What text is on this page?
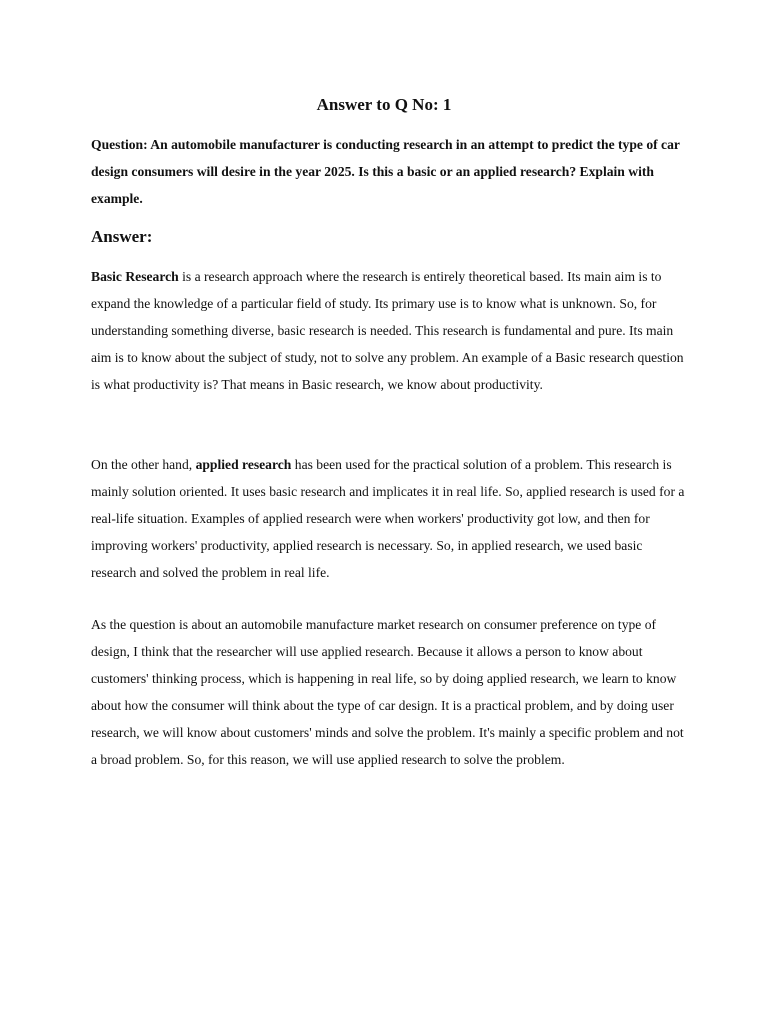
Answer to Q No: 1

Question: An automobile manufacturer is conducting research in an attempt to predict the type of car design consumers will desire in the year 2025. Is this a basic or an applied research? Explain with example.

Answer:

Basic Research is a research approach where the research is entirely theoretical based. Its main aim is to expand the knowledge of a particular field of study. Its primary use is to know what is unknown. So, for understanding something diverse, basic research is needed. This research is fundamental and pure. Its main aim is to know about the subject of study, not to solve any problem. An example of a Basic research question is what productivity is? That means in Basic research, we know about productivity.

On the other hand, applied research has been used for the practical solution of a problem. This research is mainly solution oriented. It uses basic research and implicates it in real life. So, applied research is used for a real-life situation. Examples of applied research were when workers' productivity got low, and then for improving workers' productivity, applied research is necessary. So, in applied research, we used basic research and solved the problem in real life.

As the question is about an automobile manufacture market research on consumer preference on type of design, I think that the researcher will use applied research. Because it allows a person to know about customers' thinking process, which is happening in real life, so by doing applied research, we learn to know about how the consumer will think about the type of car design. It is a practical problem, and by doing user research, we will know about customers' minds and solve the problem. It's mainly a specific problem and not a broad problem. So, for this reason, we will use applied research to solve the problem.
